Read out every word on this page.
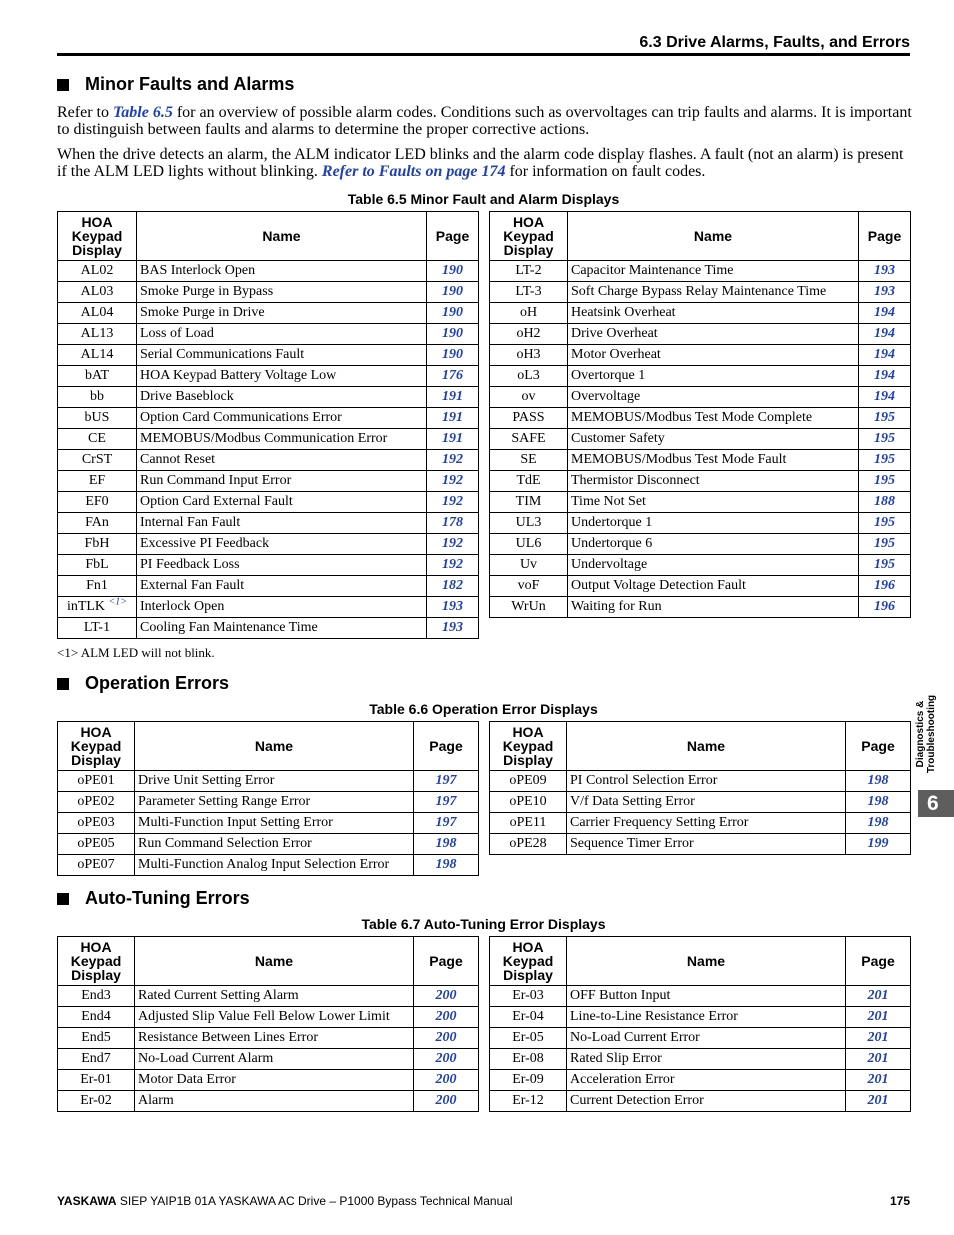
6.3 Drive Alarms, Faults, and Errors
Minor Faults and Alarms
Refer to Table 6.5 for an overview of possible alarm codes. Conditions such as overvoltages can trip faults and alarms. It is important to distinguish between faults and alarms to determine the proper corrective actions.
When the drive detects an alarm, the ALM indicator LED blinks and the alarm code display flashes. A fault (not an alarm) is present if the ALM LED lights without blinking. Refer to Faults on page 174 for information on fault codes.
Table 6.5 Minor Fault and Alarm Displays
HOA
Keypad
Display	Name	Page
AL02	BAS Interlock Open	190
AL03	Smoke Purge in Bypass	190
AL04	Smoke Purge in Drive	190
AL13	Loss of Load	190
AL14	Serial Communications Fault	190
bAT	HOA Keypad Battery Voltage Low	176
bb	Drive Baseblock	191
bUS	Option Card Communications Error	191
CE	MEMOBUS/Modbus Communication Error	191
CrST	Cannot Reset	192
EF	Run Command Input Error	192
EF0	Option Card External Fault	192
FAn	Internal Fan Fault	178
FbH	Excessive PI Feedback	192
FbL	PI Feedback Loss	192
Fn1	External Fan Fault	182
inTLK $^{<1>}$	Interlock Open	193
LT-1	Cooling Fan Maintenance Time	193
HOA
Keypad
Display	Name	Page
LT-2	Capacitor Maintenance Time	193
LT-3	Soft Charge Bypass Relay Maintenance Time	193
oH	Heatsink Overheat	194
oH2	Drive Overheat	194
oH3	Motor Overheat	194
oL3	Overtorque 1	194
ov	Overvoltage	194
PASS	MEMOBUS/Modbus Test Mode Complete	195
SAFE	Customer Safety	195
SE	MEMOBUS/Modbus Test Mode Fault	195
TdE	Thermistor Disconnect	195
TIM	Time Not Set	188
UL3	Undertorque 1	195
UL6	Undertorque 6	195
Uv	Undervoltage	195
voF	Output Voltage Detection Fault	196
WrUn	Waiting for Run	196
<1> ALM LED will not blink.
Operation Errors
Table 6.6 Operation Error Displays
HOA
Keypad
Display	Name	Page
oPE01	Drive Unit Setting Error	197
oPE02	Parameter Setting Range Error	197
oPE03	Multi-Function Input Setting Error	197
oPE05	Run Command Selection Error	198
oPE07	Multi-Function Analog Input Selection Error	198
HOA
Keypad
Display	Name	Page
oPE09	PI Control Selection Error	198
oPE10	V/f Data Setting Error	198
oPE11	Carrier Frequency Setting Error	198
oPE28	Sequence Timer Error	199
Auto-Tuning Errors
Table 6.7 Auto-Tuning Error Displays
HOA
Keypad
Display	Name	Page
End3	Rated Current Setting Alarm	200
End4	Adjusted Slip Value Fell Below Lower Limit	200
End5	Resistance Between Lines Error	200
End7	No-Load Current Alarm	200
Er-01	Motor Data Error	200
Er-02	Alarm	200
HOA
Keypad
Display	Name	Page
Er-03	OFF Button Input	201
Er-04	Line-to-Line Resistance Error	201
Er-05	No-Load Current Error	201
Er-08	Rated Slip Error	201
Er-09	Acceleration Error	201
Er-12	Current Detection Error	201
Diagnostics & Troubleshooting
6
YASKAWA SIEP YAIP1B 01A YASKAWA AC Drive – P1000 Bypass Technical Manual	175
